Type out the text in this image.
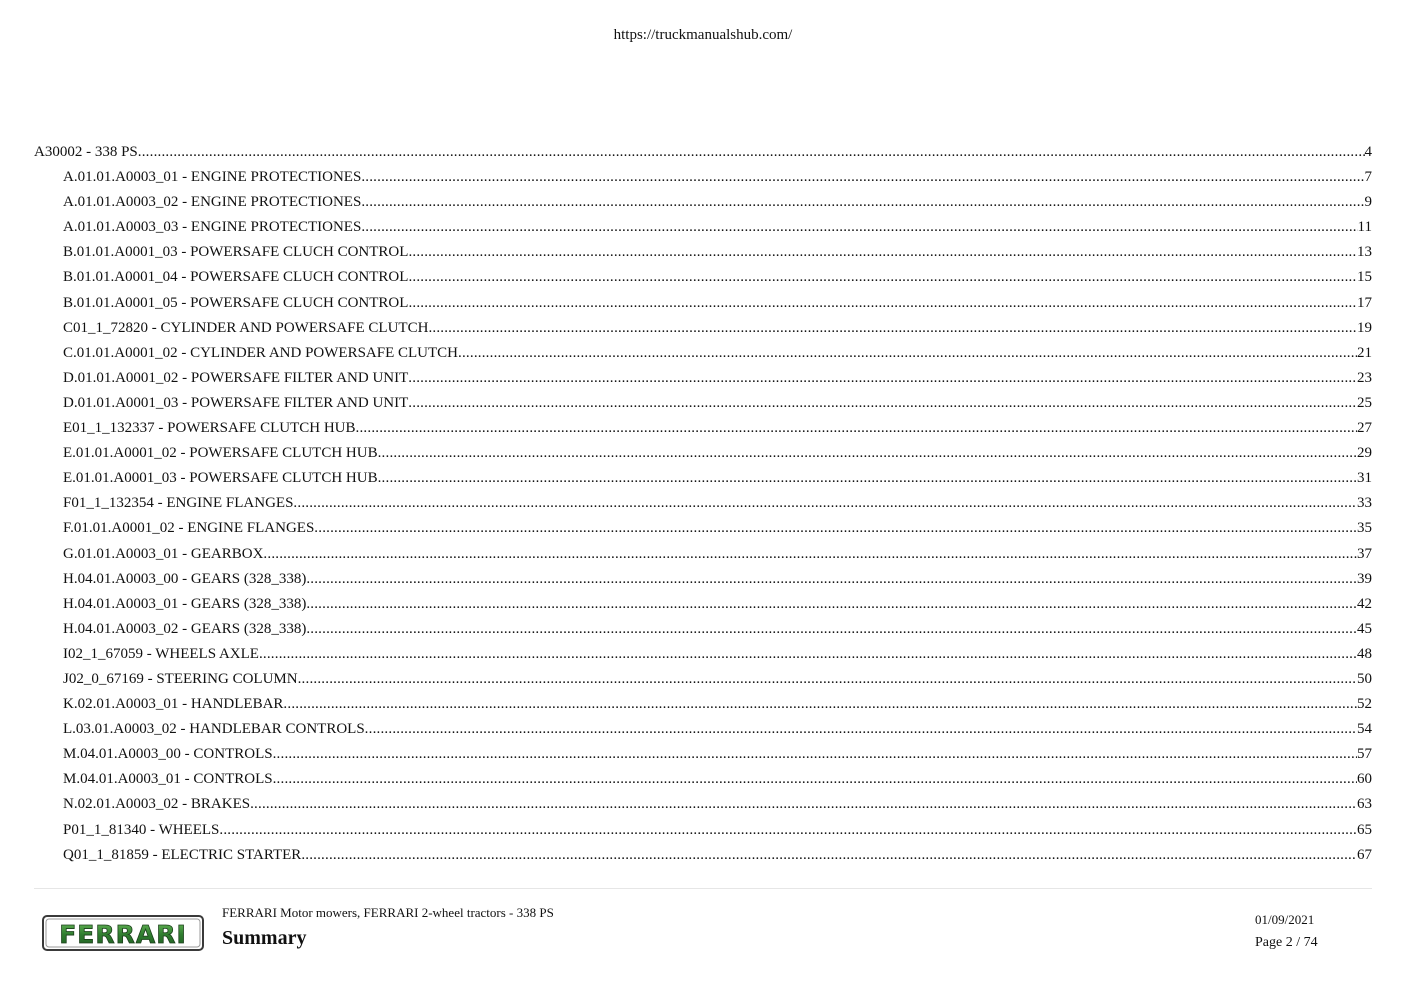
https://truckmanualshub.com/
A30002 - 338 PS .....	4
A.01.01.A0003_01 - ENGINE PROTECTIONES .....	7
A.01.01.A0003_02 - ENGINE PROTECTIONES .....	9
A.01.01.A0003_03 - ENGINE PROTECTIONES .....	11
B.01.01.A0001_03 - POWERSAFE CLUCH CONTROL .....	13
B.01.01.A0001_04 - POWERSAFE CLUCH CONTROL .....	15
B.01.01.A0001_05 - POWERSAFE CLUCH CONTROL .....	17
C01_1_72820 - CYLINDER AND POWERSAFE CLUTCH .....	19
C.01.01.A0001_02 - CYLINDER AND POWERSAFE CLUTCH .....	21
D.01.01.A0001_02 - POWERSAFE FILTER AND UNIT .....	23
D.01.01.A0001_03 - POWERSAFE FILTER AND UNIT .....	25
E01_1_132337 - POWERSAFE CLUTCH HUB .....	27
E.01.01.A0001_02 - POWERSAFE CLUTCH HUB .....	29
E.01.01.A0001_03 - POWERSAFE CLUTCH HUB .....	31
F01_1_132354 - ENGINE FLANGES .....	33
F.01.01.A0001_02 - ENGINE FLANGES .....	35
G.01.01.A0003_01 - GEARBOX .....	37
H.04.01.A0003_00 - GEARS (328_338) .....	39
H.04.01.A0003_01 - GEARS (328_338) .....	42
H.04.01.A0003_02 - GEARS (328_338) .....	45
I02_1_67059 - WHEELS AXLE .....	48
J02_0_67169 - STEERING COLUMN .....	50
K.02.01.A0003_01 - HANDLEBAR .....	52
L.03.01.A0003_02 - HANDLEBAR CONTROLS .....	54
M.04.01.A0003_00 - CONTROLS .....	57
M.04.01.A0003_01 - CONTROLS .....	60
N.02.01.A0003_02 - BRAKES .....	63
P01_1_81340 - WHEELS .....	65
Q01_1_81859 - ELECTRIC STARTER .....	67
FERRARI
FERRARI Motor mowers, FERRARI 2-wheel tractors - 338 PS
Summary
01/09/2021
Page 2 / 74
